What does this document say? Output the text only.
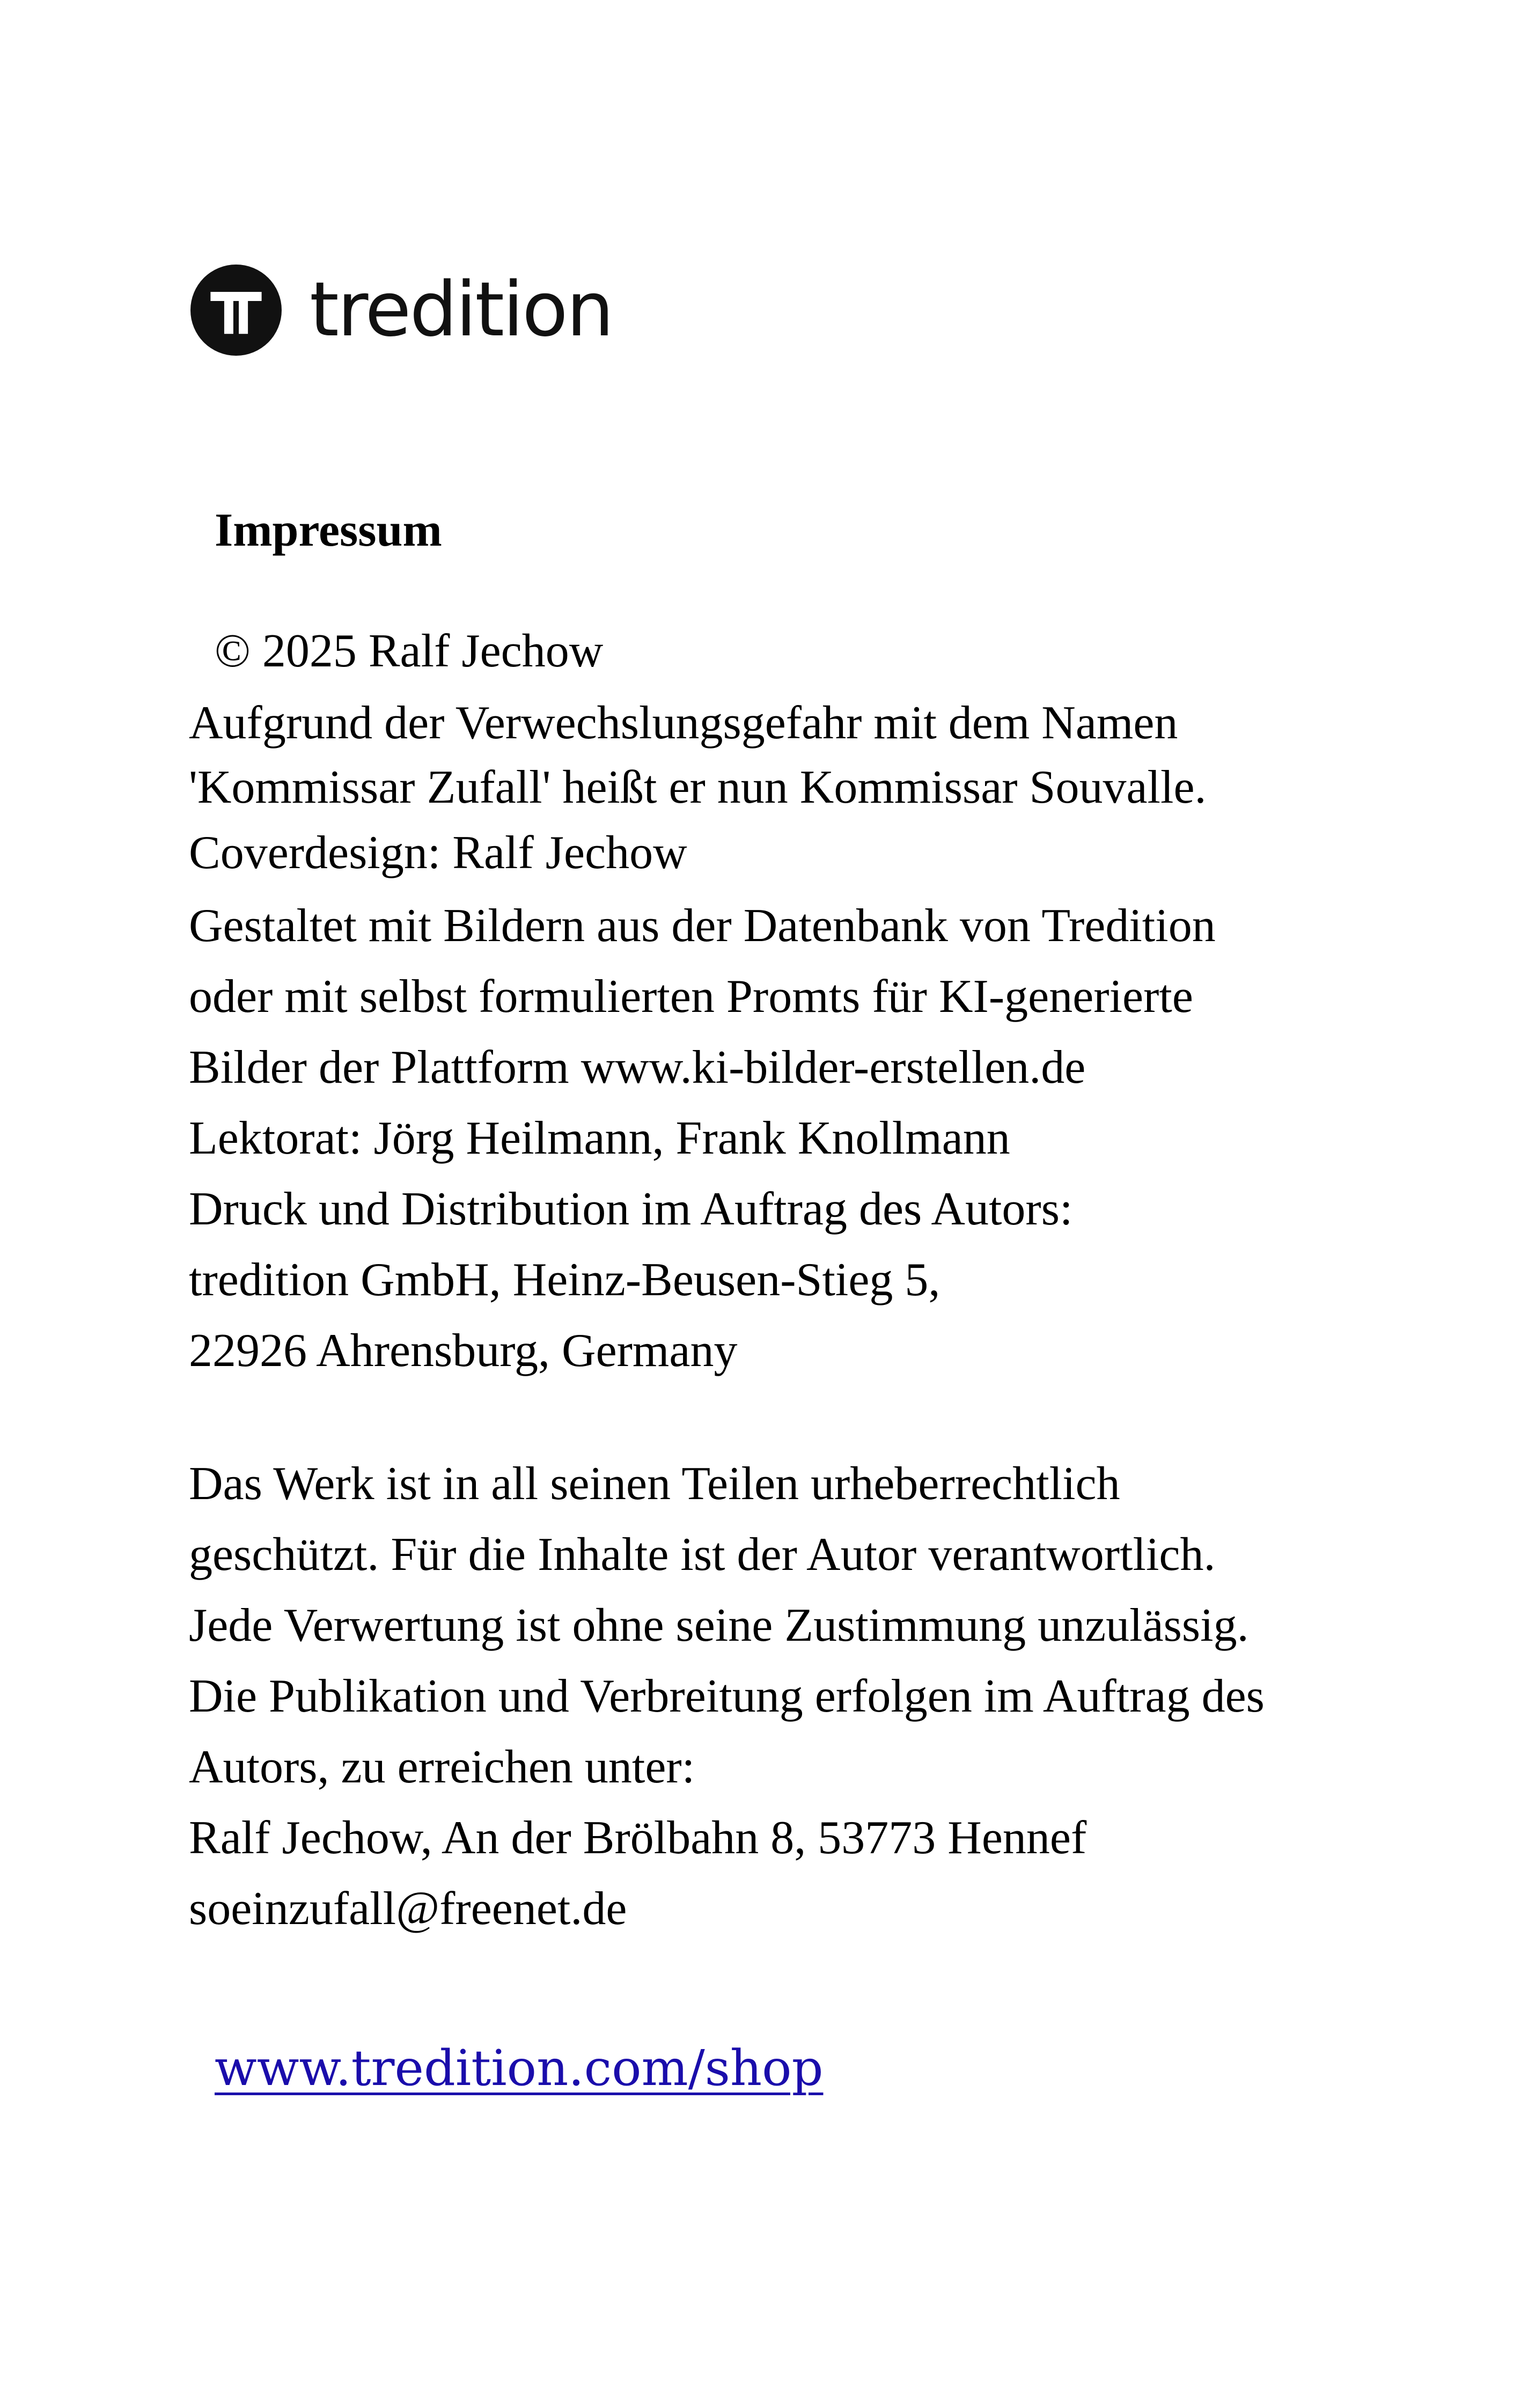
tredition
Impressum
© 2025 Ralf Jechow
Aufgrund der Verwechslungsgefahr mit dem Namen
'Kommissar Zufall' heißt er nun Kommissar Souvalle.
Coverdesign: Ralf Jechow
Gestaltet mit Bildern aus der Datenbank von Tredition
oder mit selbst formulierten Promts für KI-generierte
Bilder der Plattform www.ki-bilder-erstellen.de
Lektorat: Jörg Heilmann, Frank Knollmann
Druck und Distribution im Auftrag des Autors:
tredition GmbH, Heinz-Beusen-Stieg 5,
22926 Ahrensburg, Germany
Das Werk ist in all seinen Teilen urheberrechtlich
geschützt. Für die Inhalte ist der Autor verantwortlich.
Jede Verwertung ist ohne seine Zustimmung unzulässig.
Die Publikation und Verbreitung erfolgen im Auftrag des
Autors, zu erreichen unter:
Ralf Jechow, An der Brölbahn 8, 53773 Hennef
soeinzufall@freenet.de
www.tredition.com/shop
